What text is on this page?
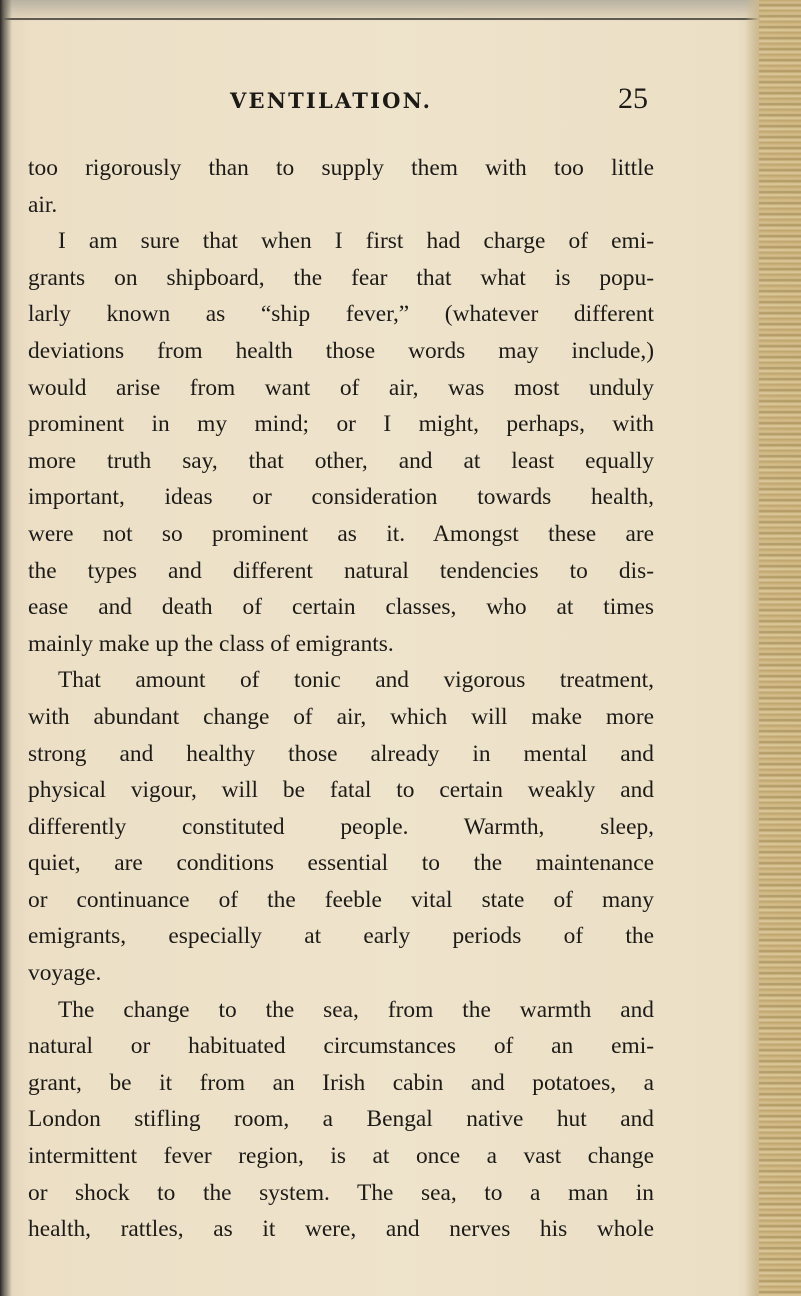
VENTILATION.	25
too rigorously than to supply them with too little
air.
I am sure that when I first had charge of emi-
grants on shipboard, the fear that what is popu-
larly known as “ship fever,” (whatever different
deviations from health those words may include,)
would arise from want of air, was most unduly
prominent in my mind; or I might, perhaps, with
more truth say, that other, and at least equally
important, ideas or consideration towards health,
were not so prominent as it. Amongst these are
the types and different natural tendencies to dis-
ease and death of certain classes, who at times
mainly make up the class of emigrants.
That amount of tonic and vigorous treatment,
with abundant change of air, which will make more
strong and healthy those already in mental and
physical vigour, will be fatal to certain weakly and
differently constituted people. Warmth, sleep,
quiet, are conditions essential to the maintenance
or continuance of the feeble vital state of many
emigrants, especially at early periods of the
voyage.
The change to the sea, from the warmth and
natural or habituated circumstances of an emi-
grant, be it from an Irish cabin and potatoes, a
London stifling room, a Bengal native hut and
intermittent fever region, is at once a vast change
or shock to the system. The sea, to a man in
health, rattles, as it were, and nerves his whole
